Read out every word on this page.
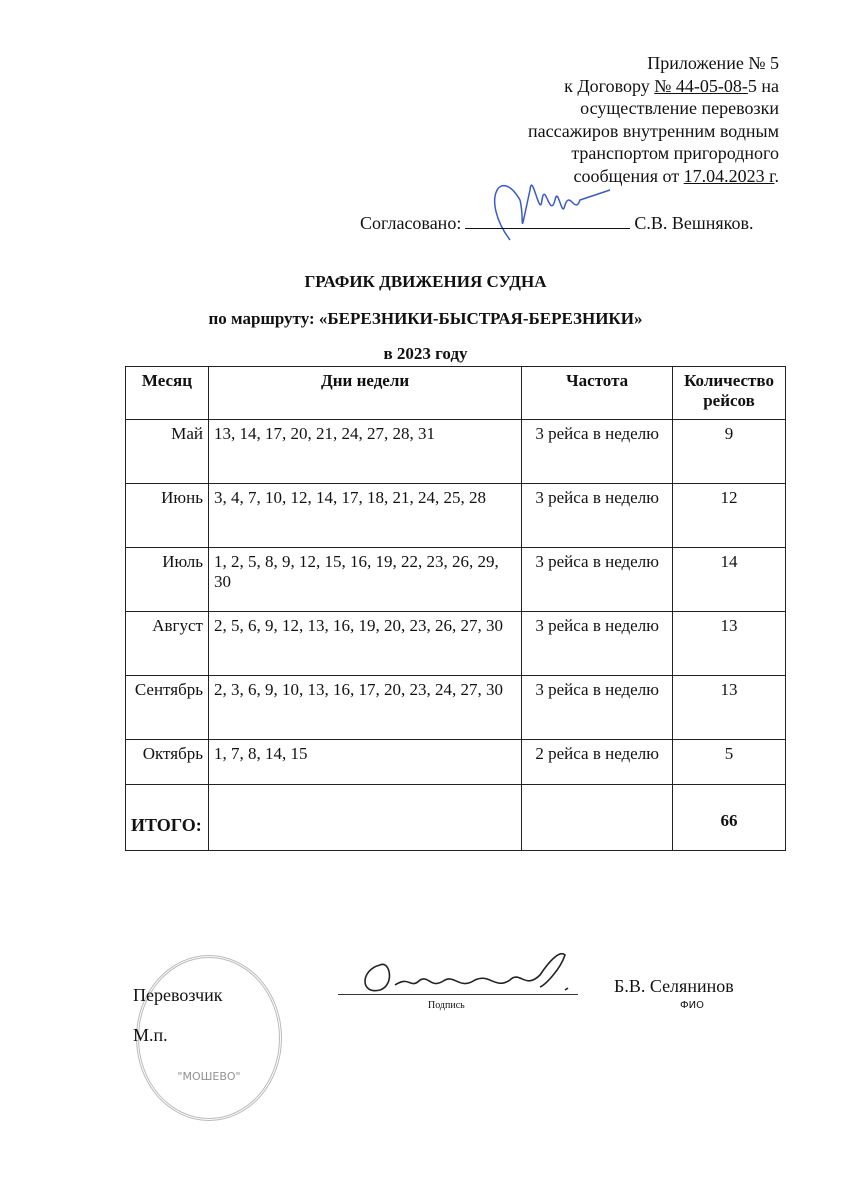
Приложение № 5
к Договору № 44-05-08-5 на
осуществление перевозки
пассажиров внутренним водным
транспортом пригородного
сообщения от 17.04.2023 г.
Согласовано:	С.В. Вешняков.
ГРАФИК ДВИЖЕНИЯ СУДНА
по маршруту: «БЕРЕЗНИКИ-БЫСТРАЯ-БЕРЕЗНИКИ»
в 2023 году
Месяц	Дни недели	Частота	Количество рейсов
Май	13, 14, 17, 20, 21, 24, 27, 28, 31	3 рейса в неделю	9
Июнь	3, 4, 7, 10, 12, 14, 17, 18, 21, 24, 25, 28	3 рейса в неделю	12
Июль	1, 2, 5, 8, 9, 12, 15, 16, 19, 22, 23, 26, 29, 30	3 рейса в неделю	14
Август	2, 5, 6, 9, 12, 13, 16, 19, 20, 23, 26, 27, 30	3 рейса в неделю	13
Сентябрь	2, 3, 6, 9, 10, 13, 16, 17, 20, 23, 24, 27, 30	3 рейса в неделю	13
Октябрь	1, 7, 8, 14, 15	2 рейса в неделю	5
ИТОГО:			66
"МОШЕВО"
Перевозчик
М.п.
Подпись
Б.В. Селянинов
ФИО
